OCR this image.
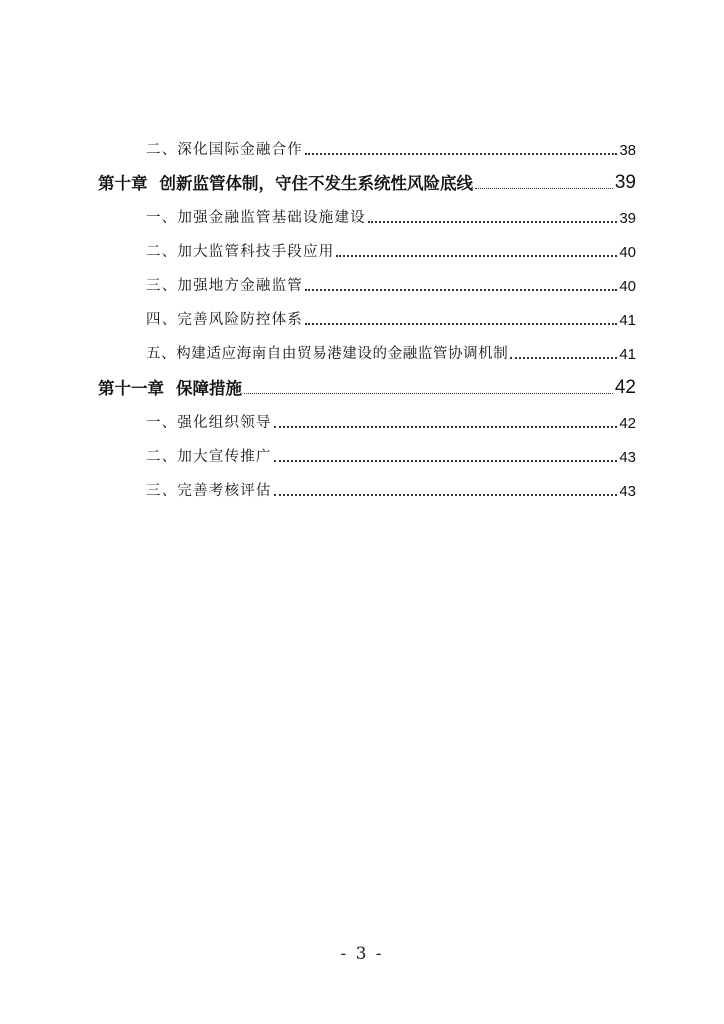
二、深化国际金融合作	38
第十章 创新监管体制，守住不发生系统性风险底线	39
一、加强金融监管基础设施建设	39
二、加大监管科技手段应用	40
三、加强地方金融监管	40
四、完善风险防控体系	41
五、构建适应海南自由贸易港建设的金融监管协调机制	41
第十一章 保障措施	42
一、强化组织领导	42
二、加大宣传推广	43
三、完善考核评估	43
- 3 -
